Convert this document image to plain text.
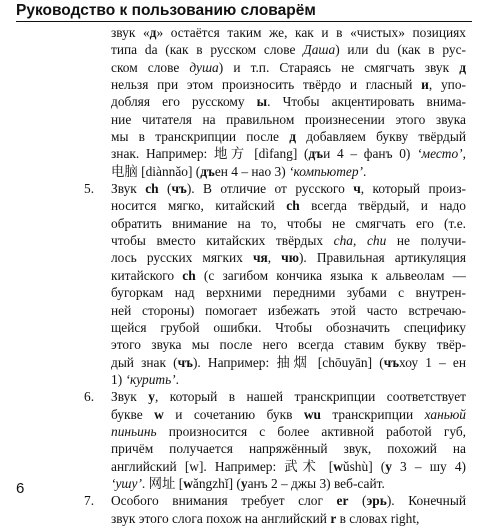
Руководство к пользованию словарём
звук «д» остаётся таким же, как и в «чистых» позициях
типа da (как в русском слове Даша) или du (как в рус-
ском слове душа) и т.п. Стараясь не смягчать звук д
нельзя при этом произносить твёрдо и гласный и, упо-
добляя его русскому ы. Чтобы акцентировать внима-
ние читателя на правильном произнесении этого звука
мы в транскрипции после д добавляем букву твёрдый
знак. Например: 地方 [dìfang] (дъи 4 – фанъ 0) ‘место’,
电脑 [diànnǎo] (дъен 4 – нао 3) ‘компьютер’.
5. Звук ch (чъ). В отличие от русского ч, который произ-
носится мягко, китайский ch всегда твёрдый, и надо
обратить внимание на то, чтобы не смягчать его (т.е.
чтобы вместо китайских твёрдых cha, chu не получи-
лось русских мягких чя, чю). Правильная артикуляция
китайского ch (с загибом кончика языка к альвеолам —
бугоркам над верхними передними зубами с внутрен-
ней стороны) помогает избежать этой часто встречаю-
щейся грубой ошибки. Чтобы обозначить специфику
этого звука мы после него всегда ставим букву твёр-
дый знак (чъ). Например: 抽烟 [chōuyān] (чъхоу 1 – ен
1) ‘курить’.
6. Звук у, который в нашей транскрипции соответствует
букве w и сочетанию букв wu транскрипции ханьюй
пиньинь произносится с более активной работой губ,
причём получается напряжённый звук, похожий на
английский [w]. Например: 武术 [wǔshù] (у 3 – шу 4)
‘ушу’. 网址 [wǎngzhǐ] (уанъ 2 – джы 3) веб-сайт.
7. Особого внимания требует слог er (эрь). Конечный
звук этого слога похож на английский r в словах right,
6
